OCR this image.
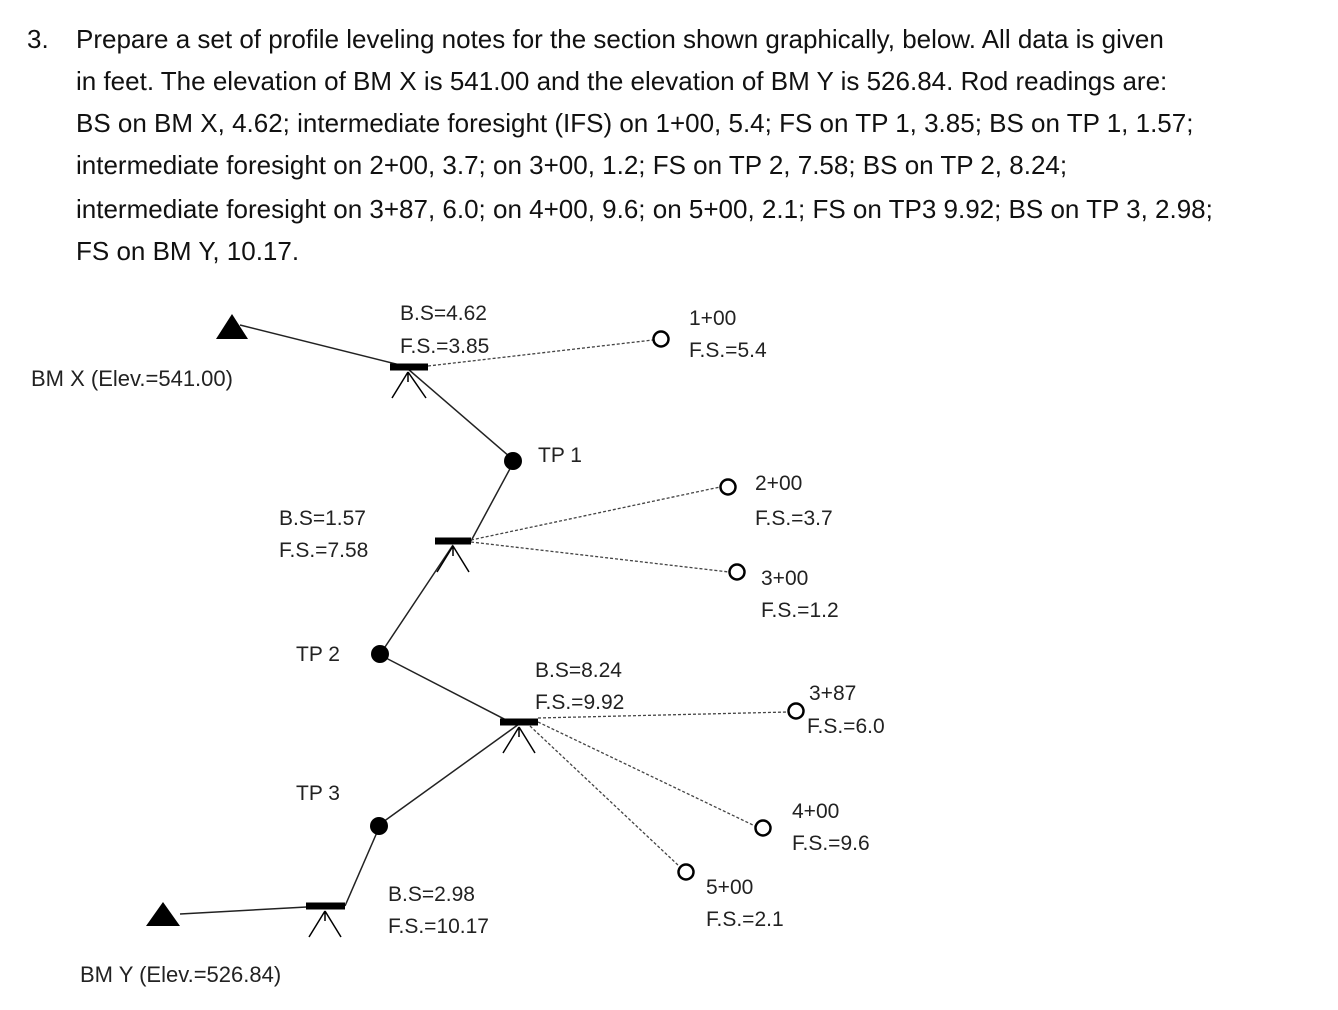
3. Prepare a set of profile leveling notes for the section shown graphically, below. All data is given
in feet. The elevation of BM X is 541.00 and the elevation of BM Y is 526.84. Rod readings are:
BS on BM X, 4.62; intermediate foresight (IFS) on 1+00, 5.4; FS on TP 1, 3.85; BS on TP 1, 1.57;
intermediate foresight on 2+00, 3.7; on 3+00, 1.2; FS on TP 2, 7.58; BS on TP 2, 8.24;
intermediate foresight on 3+87, 6.0; on 4+00, 9.6; on 5+00, 2.1; FS on TP3 9.92; BS on TP 3, 2.98;
FS on BM Y, 10.17.
BM X (Elev.=541.00)
BM Y (Elev.=526.84)
B.S=4.62
F.S.=3.85
B.S=1.57
F.S.=7.58
B.S=8.24
F.S.=9.92
B.S=2.98
F.S.=10.17
TP 1
TP 2
TP 3
1+00
F.S.=5.4
2+00
F.S.=3.7
3+00
F.S.=1.2
3+87
F.S.=6.0
4+00
F.S.=9.6
5+00
F.S.=2.1
